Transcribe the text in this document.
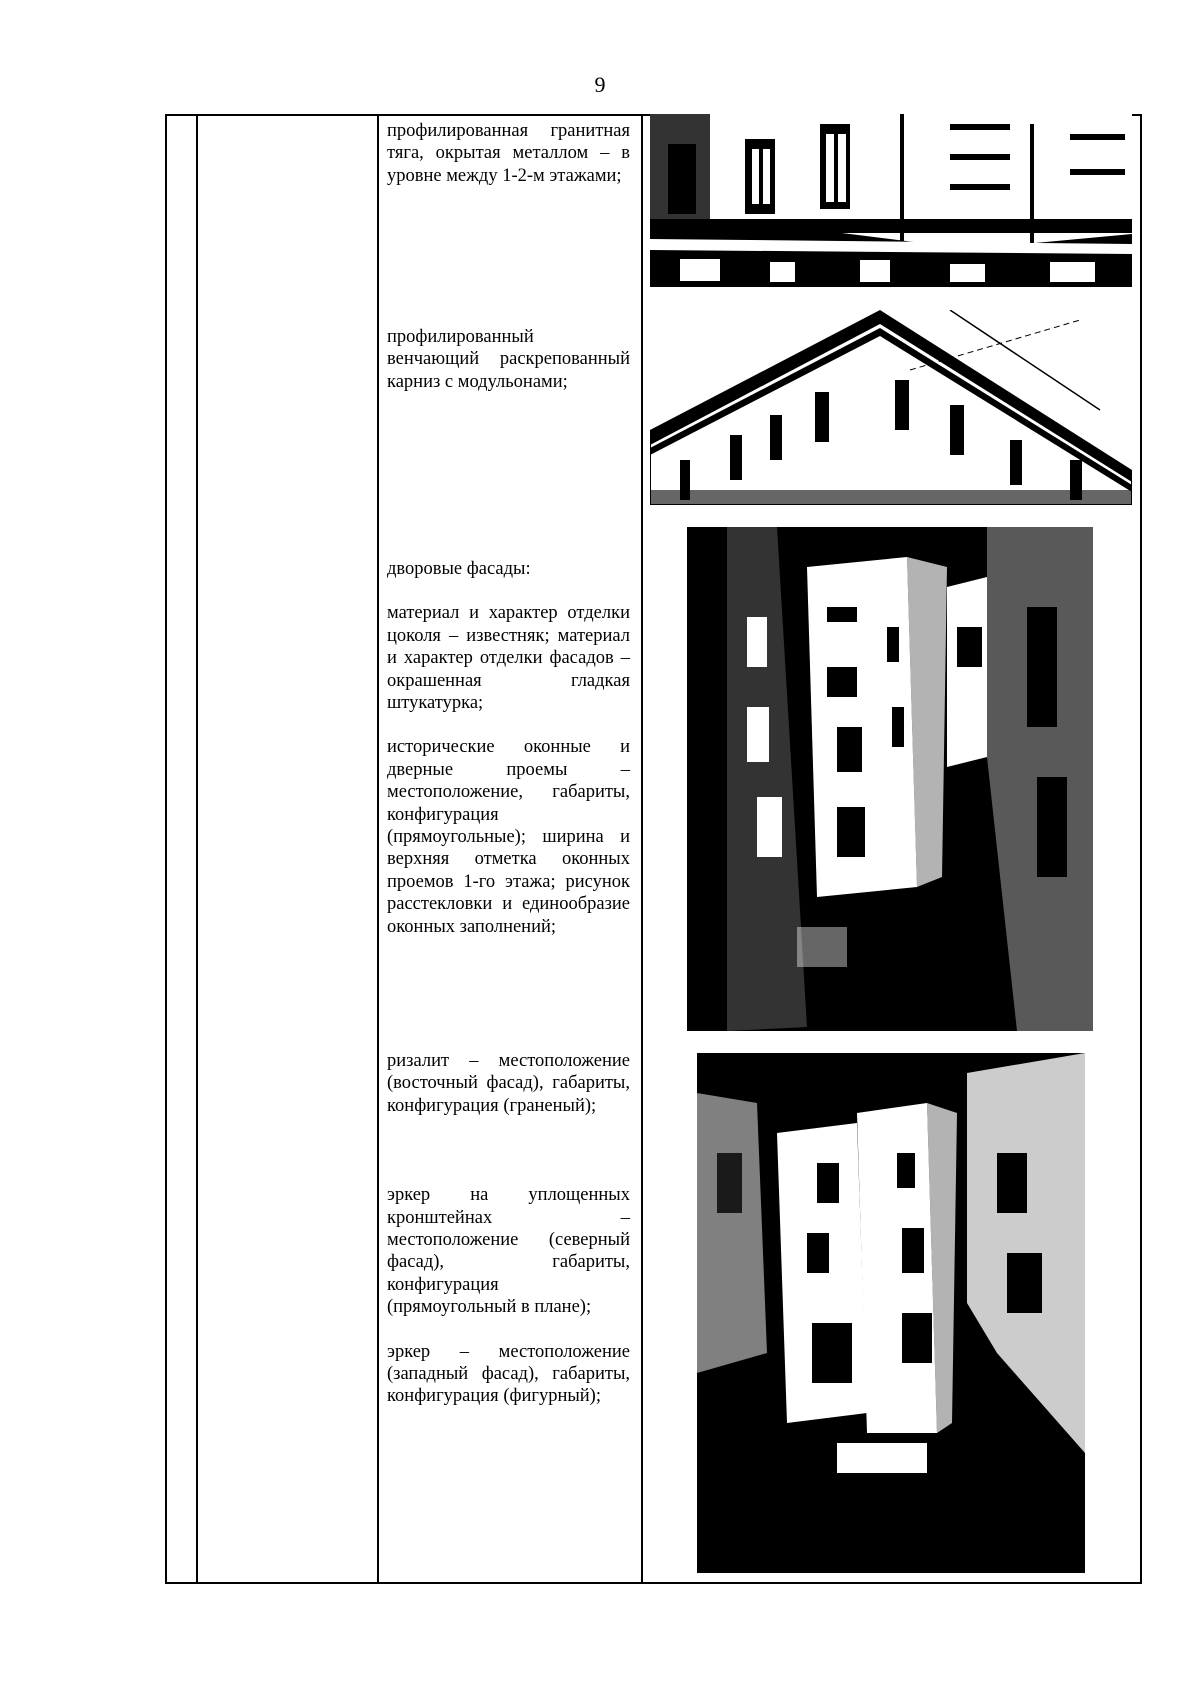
9

профилированная гранитная тяга, окрытая металлом – в уровне между 1-2-м этажами;

профилированный венчающий раскрепованный карниз с модульонами;

дворовые фасады:

материал и характер отделки цоколя – известняк; материал и характер отделки фасадов – окрашенная гладкая штукатурка;

исторические оконные и дверные проемы – местоположение, габариты, конфигурация (прямоугольные); ширина и верхняя отметка оконных проемов 1-го этажа; рисунок расстекловки и единообразие оконных заполнений;

ризалит – местоположение (восточный фасад), габариты, конфигурация (граненый);

эркер на уплощенных кронштейнах – местоположение (северный фасад), габариты, конфигурация (прямоугольный в плане);

эркер – местоположение (западный фасад), габариты, конфигурация (фигурный);
